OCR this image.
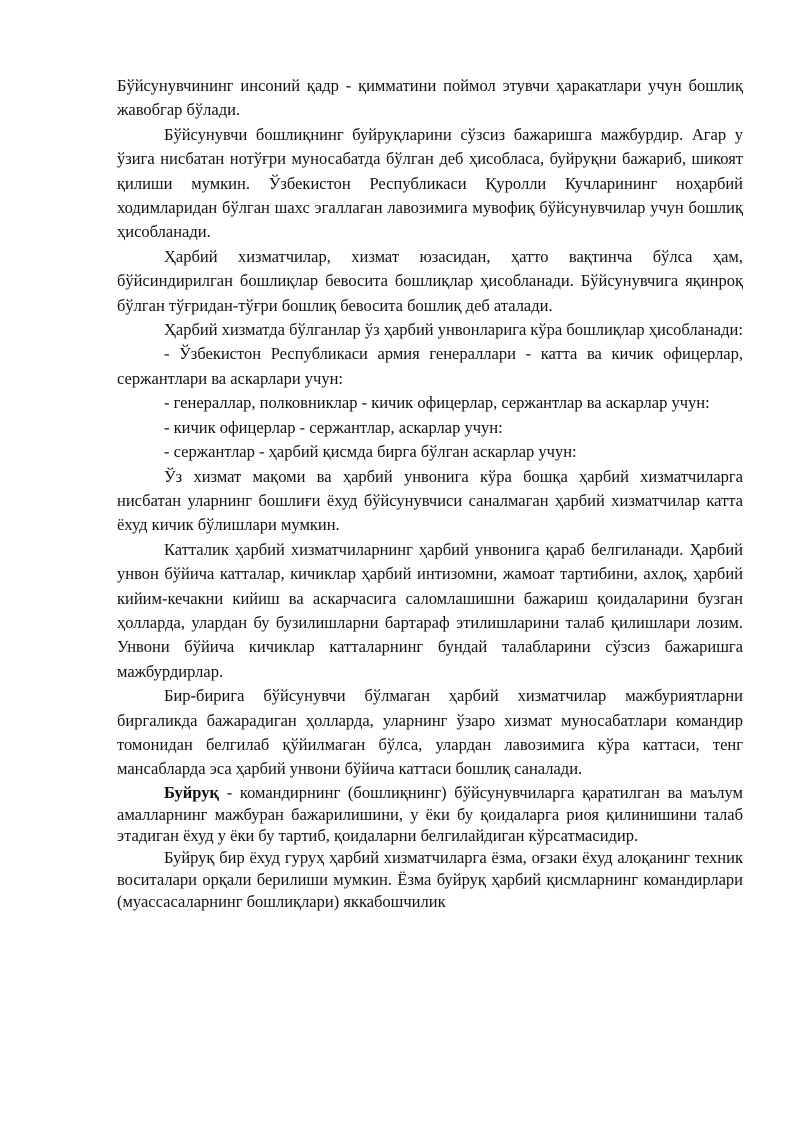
Бўйсунувчининг инсоний қадр - қимматини поймол этувчи ҳаракатлари учун бошлиқ жавобгар бўлади.

Бўйсунувчи бошлиқнинг буйруқларини сўзсиз бажаришга мажбурдир. Агар у ўзига нисбатан нотўғри муносабатда бўлган деб ҳисобласа, буйруқни бажариб, шикоят қилиши мумкин. Ўзбекистон Республикаси Қуролли Кучларининг ноҳарбий ходимларидан бўлган шахс эгаллаган лавозимига мувофиқ бўйсунувчилар учун бошлиқ ҳисобланади.

Ҳарбий хизматчилар, хизмат юзасидан, ҳатто вақтинча бўлса ҳам, бўйсиндирилган бошлиқлар бевосита бошлиқлар ҳисобланади. Бўйсунувчига яқинроқ бўлган тўғридан-тўғри бошлиқ бевосита бошлиқ деб аталади.

Ҳарбий хизматда бўлганлар ўз ҳарбий унвонларига кўра бошлиқлар ҳисобланади:

- Ўзбекистон Республикаси армия генераллари - катта ва кичик офицерлар, сержантлари ва аскарлари учун:

- генераллар, полковниклар - кичик офицерлар, сержантлар ва аскарлар учун:

- кичик офицерлар - сержантлар, аскарлар учун:

- сержантлар - ҳарбий қисмда бирга бўлган аскарлар учун:

Ўз хизмат мақоми ва ҳарбий унвонига кўра бошқа ҳарбий хизматчиларга нисбатан уларнинг бошлиғи ёхуд бўйсунувчиси саналмаган ҳарбий хизматчилар катта ёхуд кичик бўлишлари мумкин.

Катталик ҳарбий хизматчиларнинг ҳарбий унвонига қараб белгиланади. Ҳарбий унвон бўйича катталар, кичиклар ҳарбий интизомни, жамоат тартибини, ахлоқ, ҳарбий кийим-кечакни кийиш ва аскарчасига саломлашишни бажариш қоидаларини бузган ҳолларда, улардан бу бузилишларни бартараф этилишларини талаб қилишлари лозим. Унвони бўйича кичиклар катталарнинг бундай талабларини сўзсиз бажаришга мажбурдирлар.

Бир-бирига бўйсунувчи бўлмаган ҳарбий хизматчилар мажбуриятларни биргаликда бажарадиган ҳолларда, уларнинг ўзаро хизмат муносабатлари командир томонидан белгилаб қўйилмаган бўлса, улардан лавозимига кўра каттаси, тенг мансабларда эса ҳарбий унвони бўйича каттаси бошлиқ саналади.

Буйруқ - командирнинг (бошлиқнинг) бўйсунувчиларга қаратилган ва маълум амалларнинг мажбуран бажарилишини, у ёки бу қоидаларга риоя қилинишини талаб этадиган ёхуд у ёки бу тартиб, қоидаларни белгилайдиган кўрсатмасидир.

Буйруқ бир ёхуд гуруҳ ҳарбий хизматчиларга ёзма, оғзаки ёхуд алоқанинг техник воситалари орқали берилиши мумкин. Ёзма буйруқ ҳарбий қисмларнинг командирлари (муассасаларнинг бошлиқлари) яккабошчилик
